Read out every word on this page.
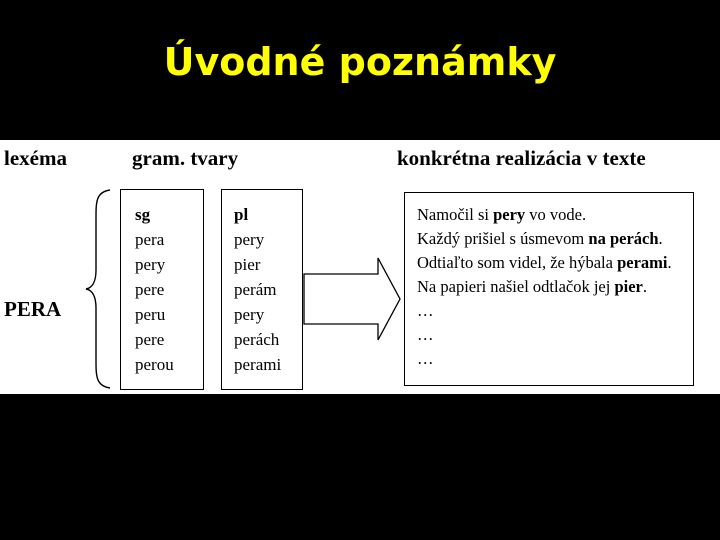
Úvodné poznámky
lexéma	gram. tvary	konkrétna realizácia v texte
PERA
sg
pera
pery
pere
peru
pere
perou
pl
pery
pier
perám
pery
perách
perami
Namočil si pery vo vode.
Každý prišiel s úsmevom na perách.
Odtiaľto som videl, že hýbala perami.
Na papieri našiel odtlačok jej pier.
…
…
…
